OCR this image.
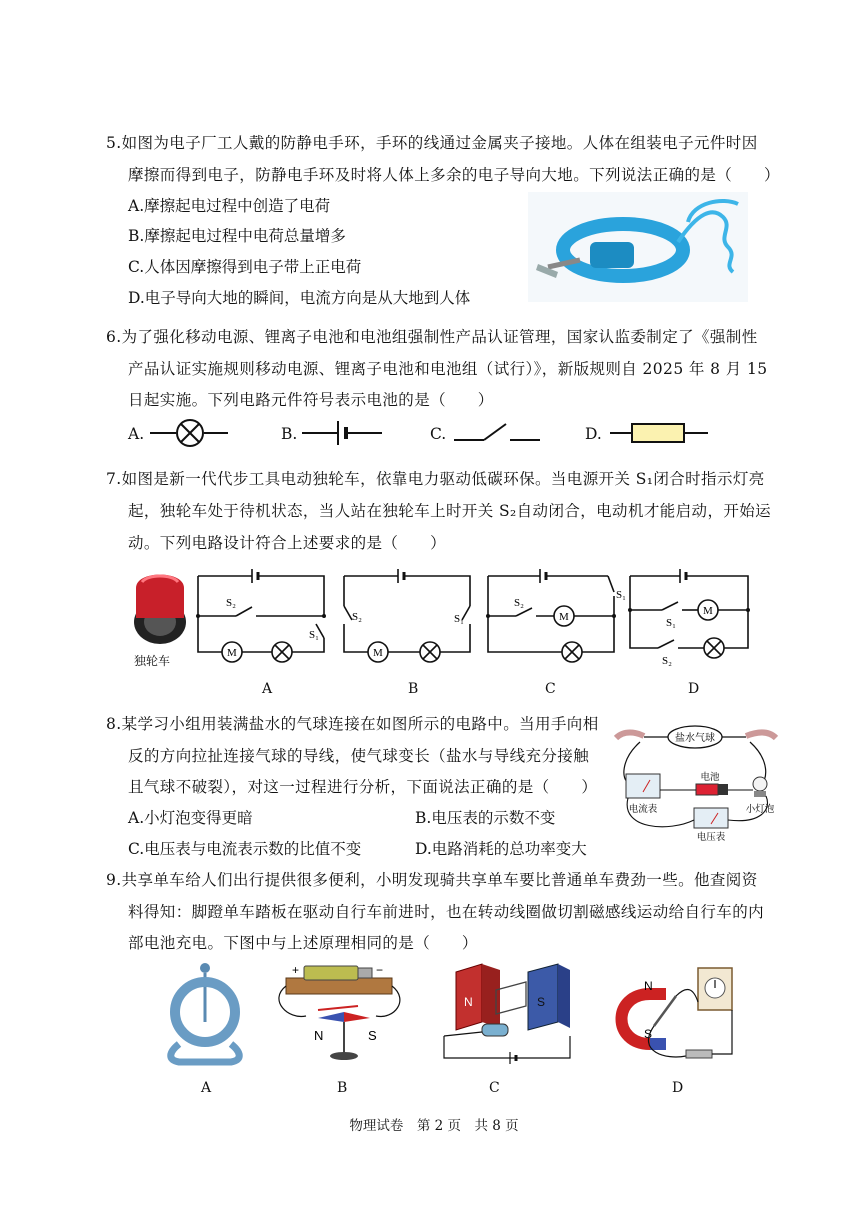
5.如图为电子厂工人戴的防静电手环，手环的线通过金属夹子接地。人体在组装电子元件时因
摩擦而得到电子，防静电手环及时将人体上多余的电子导向大地。下列说法正确的是（　　）
A.摩擦起电过程中创造了电荷
B.摩擦起电过程中电荷总量增多
C.人体因摩擦得到电子带上正电荷
D.电子导向大地的瞬间，电流方向是从大地到人体
6.为了强化移动电源、锂离子电池和电池组强制性产品认证管理，国家认监委制定了《强制性
产品认证实施规则移动电源、锂离子电池和电池组（试行）》，新版规则自 2025 年 8 月 15
日起实施。下列电路元件符号表示电池的是（　　）
A.	B.	C.	D.
7.如图是新一代代步工具电动独轮车，依靠电力驱动低碳环保。当电源开关 S₁闭合时指示灯亮
起，独轮车处于待机状态，当人站在独轮车上时开关 S₂自动闭合，电动机才能启动，开始运
动。下列电路设计符合上述要求的是（　　）
独轮车
S₂
S₁
M
S₂	S₁
M
S₂
S₁
M	S₁
S₂
M
A	B	C	D
8.某学习小组用装满盐水的气球连接在如图所示的电路中。当用手向相
反的方向拉扯连接气球的导线，使气球变长（盐水与导线充分接触
且气球不破裂），对这一过程进行分析，下面说法正确的是（　　）
A.小灯泡变得更暗	B.电压表的示数不变
C.电压表与电流表示数的比值不变	D.电路消耗的总功率变大
盐水气球
电流表
电池
小灯泡
电压表
9.共享单车给人们出行提供很多便利，小明发现骑共享单车要比普通单车费劲一些。他查阅资
料得知：脚蹬单车踏板在驱动自行车前进时，也在转动线圈做切割磁感线运动给自行车的内
部电池充电。下图中与上述原理相同的是（　　）
+	−
N	S
N	S
N
S
A	B	C	D
物理试卷　第 2 页　共 8 页
